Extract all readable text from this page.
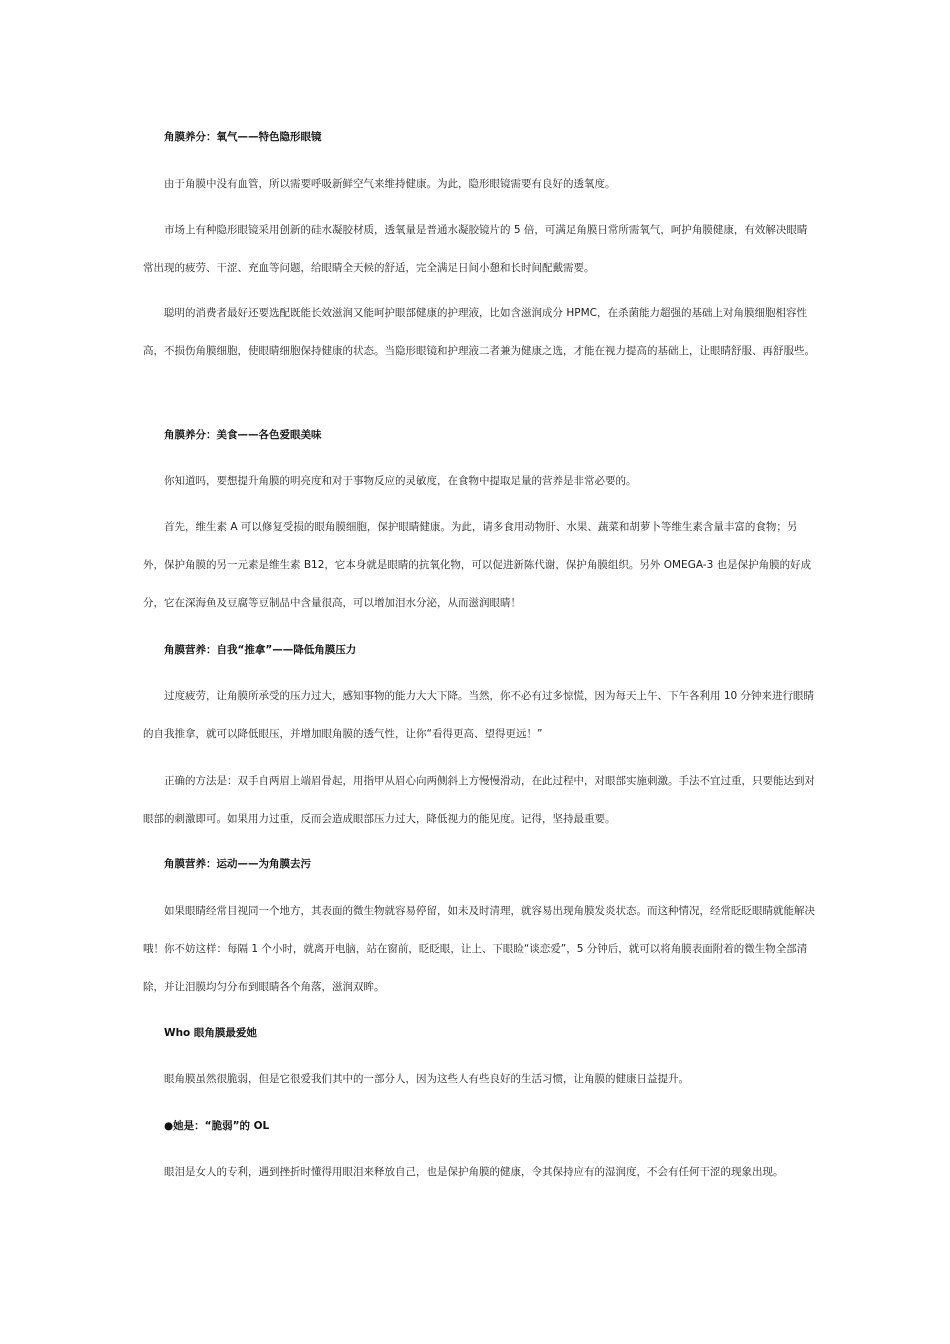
角膜养分：氧气——特色隐形眼镜

由于角膜中没有血管，所以需要呼吸新鲜空气来维持健康。为此，隐形眼镜需要有良好的透氧度。

市场上有种隐形眼镜采用创新的硅水凝胶材质，透氧量是普通水凝胶镜片的 5 倍，可满足角膜日常所需氧气，呵护角膜健康，有效解决眼睛常出现的疲劳、干涩、充血等问题，给眼睛全天候的舒适，完全满足日间小憩和长时间配戴需要。

聪明的消费者最好还要选配既能长效滋润又能呵护眼部健康的护理液，比如含滋润成分 HPMC，在杀菌能力超强的基础上对角膜细胞相容性高，不损伤角膜细胞，使眼睛细胞保持健康的状态。当隐形眼镜和护理液二者兼为健康之选，才能在视力提高的基础上，让眼睛舒服、再舒服些。

角膜养分：美食——各色爱眼美味

你知道吗，要想提升角膜的明亮度和对于事物反应的灵敏度，在食物中提取足量的营养是非常必要的。

首先，维生素 A 可以修复受损的眼角膜细胞，保护眼睛健康。为此，请多食用动物肝、水果、蔬菜和胡萝卜等维生素含量丰富的食物；另外，保护角膜的另一元素是维生素 B12，它本身就是眼睛的抗氧化物，可以促进新陈代谢，保护角膜组织。另外 OMEGA-3 也是保护角膜的好成分，它在深海鱼及豆腐等豆制品中含量很高，可以增加泪水分泌，从而滋润眼睛！

角膜营养：自我“推拿”——降低角膜压力

过度疲劳，让角膜所承受的压力过大，感知事物的能力大大下降。当然，你不必有过多惊慌，因为每天上午、下午各利用 10 分钟来进行眼睛的自我推拿，就可以降低眼压，并增加眼角膜的透气性，让你“看得更高、望得更远！”

正确的方法是：双手自两眉上端眉骨起，用指甲从眉心向两侧斜上方慢慢滑动，在此过程中，对眼部实施刺激。手法不宜过重，只要能达到对眼部的刺激即可。如果用力过重，反而会造成眼部压力过大，降低视力的能见度。记得，坚持最重要。

角膜营养：运动——为角膜去污

如果眼睛经常目视同一个地方，其表面的微生物就容易停留，如未及时清理，就容易出现角膜发炎状态。而这种情况，经常眨眨眼睛就能解决哦！你不妨这样：每隔 1 个小时，就离开电脑，站在窗前，眨眨眼，让上、下眼睑“谈恋爱”，5 分钟后，就可以将角膜表面附着的微生物全部清除，并让泪膜均匀分布到眼睛各个角落，滋润双眸。

Who 眼角膜最爱她

眼角膜虽然很脆弱，但是它很爱我们其中的一部分人，因为这些人有些良好的生活习惯，让角膜的健康日益提升。

●她是：“脆弱”的 OL

眼泪是女人的专利，遇到挫折时懂得用眼泪来释放自己，也是保护角膜的健康，令其保持应有的湿润度，不会有任何干涩的现象出现。
